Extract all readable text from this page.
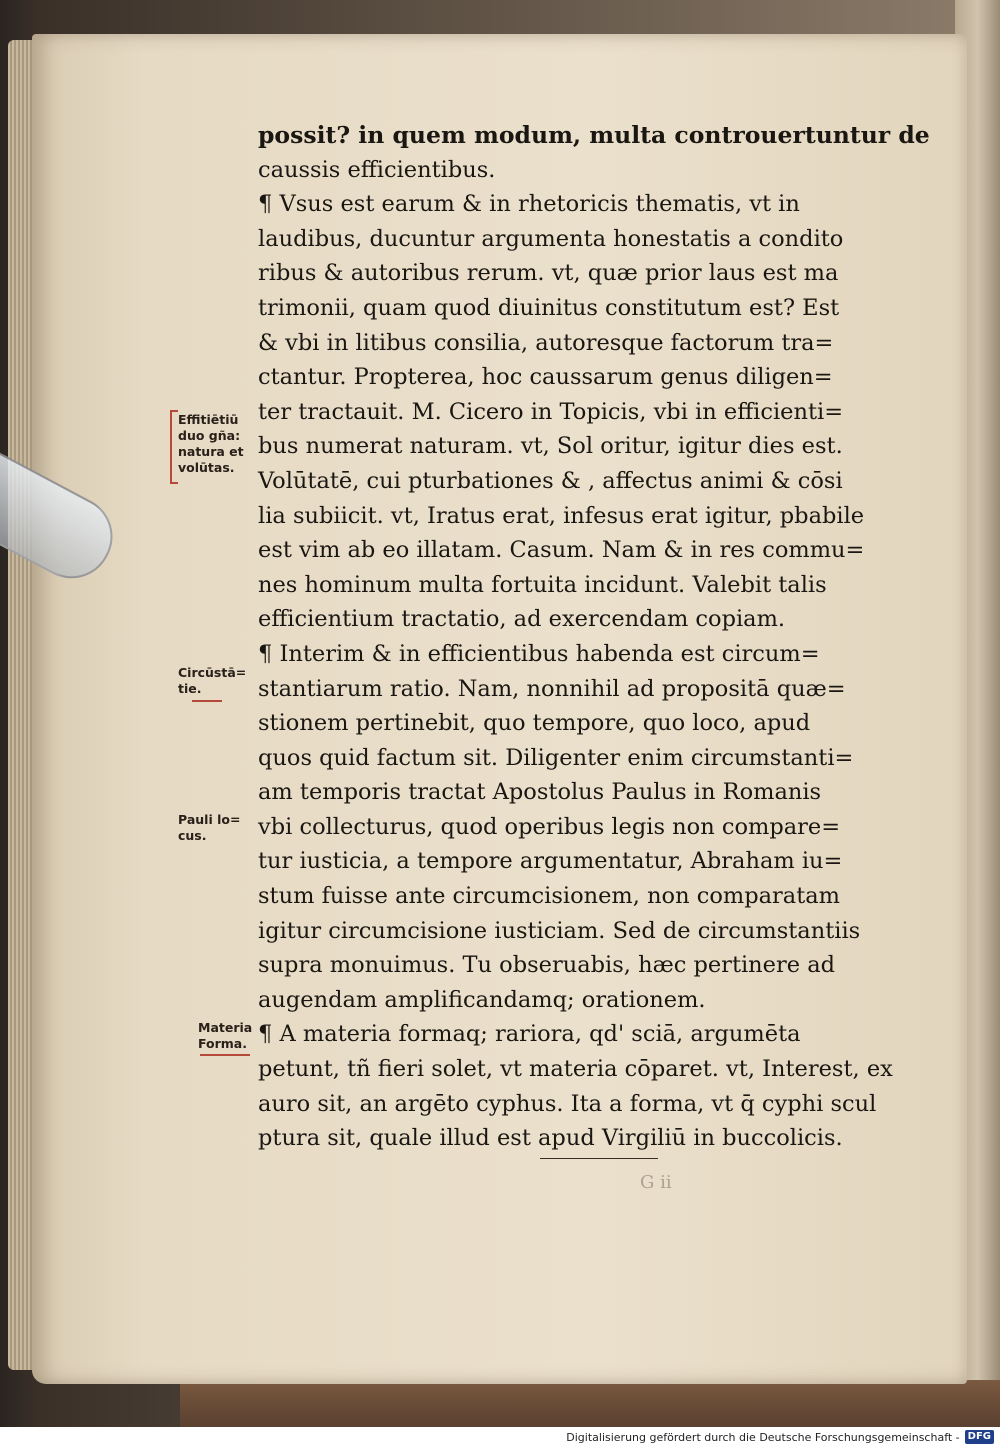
possit? in quem modum, multa controuertuntur de
caussis efficientibus.
¶ Vsus est earum & in rhetoricis thematis, vt in
laudibus, ducuntur argumenta honestatis a condito
ribus & autoribus rerum. vt, quæ prior laus est ma
trimonii, quam quod diuinitus constitutum est? Est
& vbi in litibus consilia, autoresque factorum tra=
ctantur. Propterea, hoc caussarum genus diligen=
ter tractauit. M. Cicero in Topicis, vbi in efficienti=
bus numerat naturam. vt, Sol oritur, igitur dies est.
Volūtatē, cui pturbationes & , affectus animi & cōsi
lia subiicit. vt, Iratus erat, infesus erat igitur, pbabile
est vim ab eo illatam. Casum. Nam & in res commu=
nes hominum multa fortuita incidunt. Valebit talis
efficientium tractatio, ad exercendam copiam.
¶ Interim & in efficientibus habenda est circum=
stantiarum ratio. Nam, nonnihil ad propositā quæ=
stionem pertinebit, quo tempore, quo loco, apud
quos quid factum sit. Diligenter enim circumstanti=
am temporis tractat Apostolus Paulus in Romanis
vbi collecturus, quod operibus legis non compare=
tur iusticia, a tempore argumentatur, Abraham iu=
stum fuisse ante circumcisionem, non comparatam
igitur circumcisione iusticiam. Sed de circumstantiis
supra monuimus. Tu obseruabis, hæc pertinere ad
augendam amplificandamq; orationem.
¶ A materia formaq; rariora, qd' sciā, argumēta
petunt, tñ fieri solet, vt materia cōparet. vt, Interest, ex
auro sit, an argēto cyphus. Ita a forma, vt q̄ cyphi scul
ptura sit, quale illud est apud Virgiliū in buccolicis.
Effitiētiū
duo gña:
natura et
volūtas.
Circūstā=
tie.
Pauli lo=
cus.
Materia
Forma.
G ii
Digitalisierung gefördert durch die Deutsche Forschungsgemeinschaft - DFG
